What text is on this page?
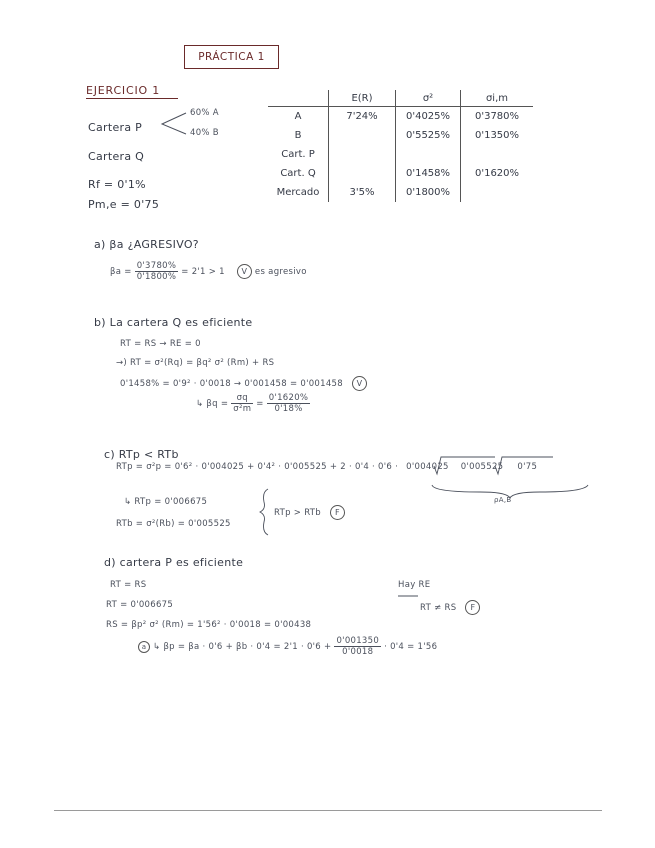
PRÁCTICA 1
EJERCICIO 1
Cartera P
60% A
40% B
Cartera Q
Rf = 0'1%
Pm,e = 0'75
	E(R)	σ²	σi,m
A	7'24%	0'4025%	0'3780%
B		0'5525%	0'1350%
Cart. P			
Cart. Q		0'1458%	0'1620%
Mercado	3'5%	0'1800%	
a) βa ¿AGRESIVO?
$\beta a = \frac{0'3780\%}{0'1800\%} = 2'1 > 1$ V es agresivo
b) La cartera Q es eficiente
RT = RS → RE = 0
→) RT = σ²(Rq) = βq² σ² (Rm) + RS
0'1458% = 0'9² · 0'0018 → 0'001458 = 0'001458 V
↳ $\beta q = \frac{\sigma q}{\text{σ²m}} = \frac{0'1620\%}{0'18\%}$
c) RTp < RTb
RTp = σ²p = 0'6² · 0'004025 + 0'4² · 0'005525 + 2 · 0'4 · 0'6 · 0'004025 0'005525 0'75
ρA,B
↳ RTp = 0'006675
RTb = σ²(Rb) = 0'005525
RTp > RTb F
d) cartera P es eficiente
RT = RS
RT = 0'006675
Hay RE
RT ≠ RS F
RS = βp² σ² (Rm) = 1'56² · 0'0018 = 0'00438
a ↳ $\beta p = \beta a \cdot 0'6 + \beta b \cdot 0'4 = 2'1 \cdot 0'6 + \frac{0'001350}{0'0018} \cdot 0'4 = 1'56$
